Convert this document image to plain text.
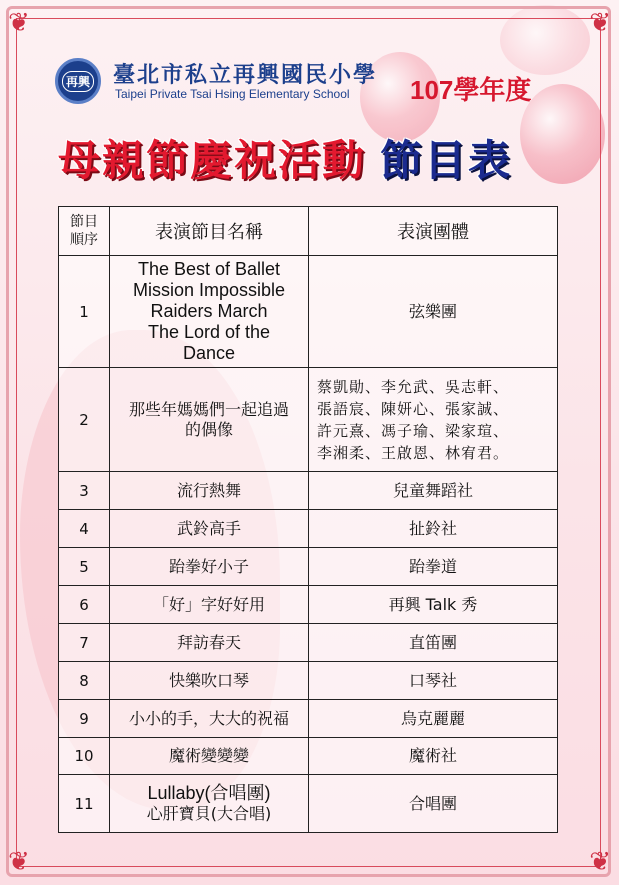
❦	❦
❦	❦
再興 臺北市私立再興國民小學
Taipei Private Tsai Hsing Elementary School 107學年度
母親節慶祝活動 節目表
節目
順序	表演節目名稱	表演團體
1	The Best of Ballet
Mission Impossible
Raiders March
The Lord of the
Dance	弦樂團

2	那些年媽媽們一起追過
的偶像	蔡凱勛、李允武、吳志軒、
張語宸、陳妍心、張家誠、
許元熹、馮子瑜、梁家瑄、
李湘柔、王啟恩、林宥君。

3	流行熱舞	兒童舞蹈社

4	武鈴高手	扯鈴社

5	跆拳好小子	跆拳道

6	「好」字好好用	再興 Talk 秀

7	拜訪春天	直笛團

8	快樂吹口琴	口琴社

9	小小的手，大大的祝福	烏克麗麗

10	魔術變變變	魔術社

11	Lullaby(合唱團)
心肝寶貝(大合唱)	合唱團
